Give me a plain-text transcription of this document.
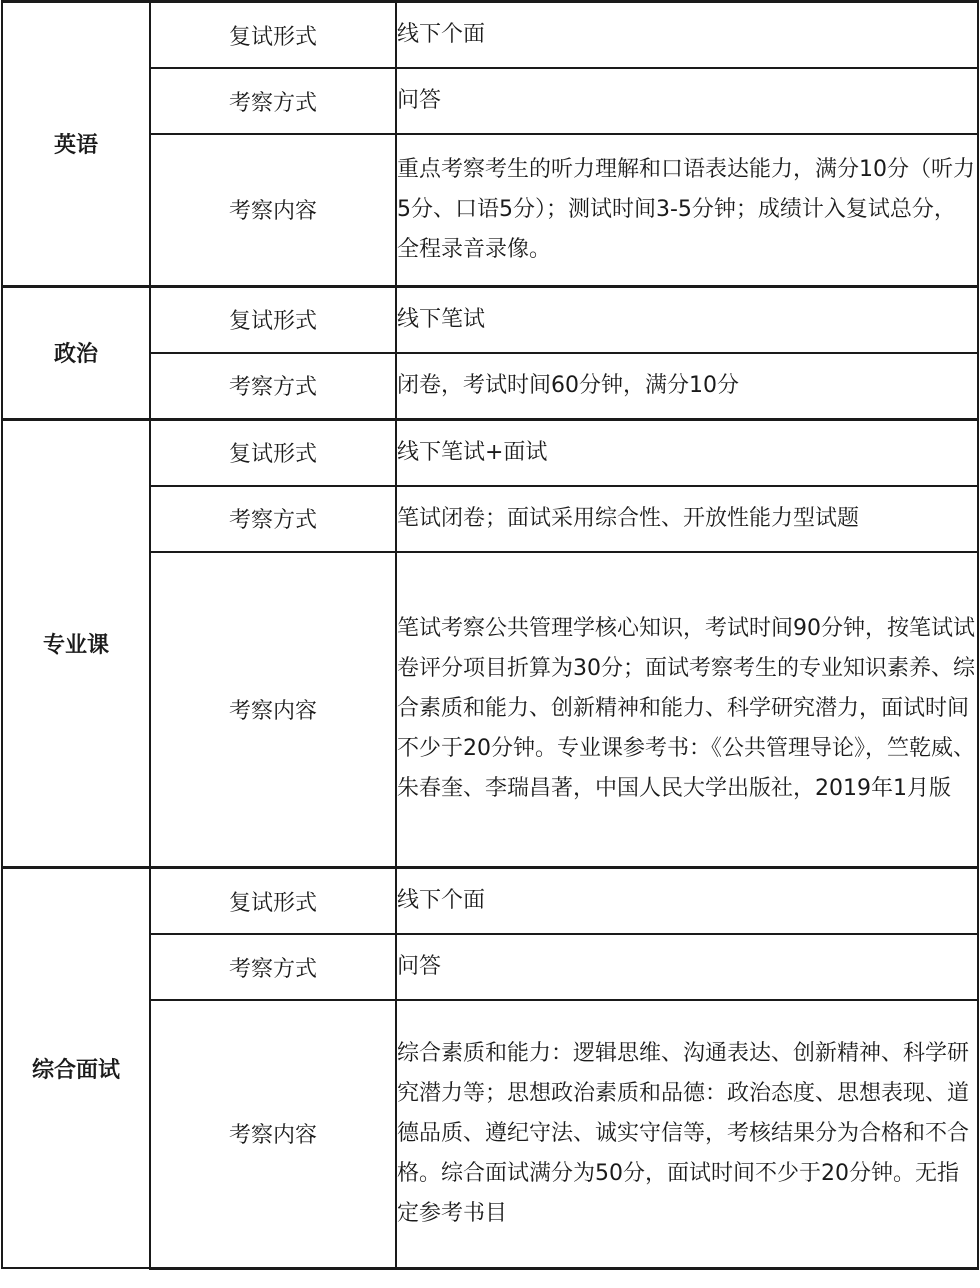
英语	复试形式	线下个面
	考察方式	问答
	考察内容	重点考察考生的听力理解和口语表达能力，满分10分（听力5分、口语5分）；测试时间3-5分钟；成绩计入复试总分，全程录音录像。
政治	复试形式	线下笔试
	考察方式	闭卷，考试时间60分钟，满分10分
专业课	复试形式	线下笔试+面试
	考察方式	笔试闭卷；面试采用综合性、开放性能力型试题
	考察内容	笔试考察公共管理学核心知识，考试时间90分钟，按笔试试卷评分项目折算为30分；面试考察考生的专业知识素养、综合素质和能力、创新精神和能力、科学研究潜力，面试时间不少于20分钟。专业课参考书：《公共管理导论》，竺乾威、朱春奎、李瑞昌著，中国人民大学出版社，2019年1月版
综合面试	复试形式	线下个面
	考察方式	问答
	考察内容	综合素质和能力：逻辑思维、沟通表达、创新精神、科学研究潜力等；思想政治素质和品德：政治态度、思想表现、道德品质、遵纪守法、诚实守信等，考核结果分为合格和不合格。综合面试满分为50分，面试时间不少于20分钟。无指定参考书目
